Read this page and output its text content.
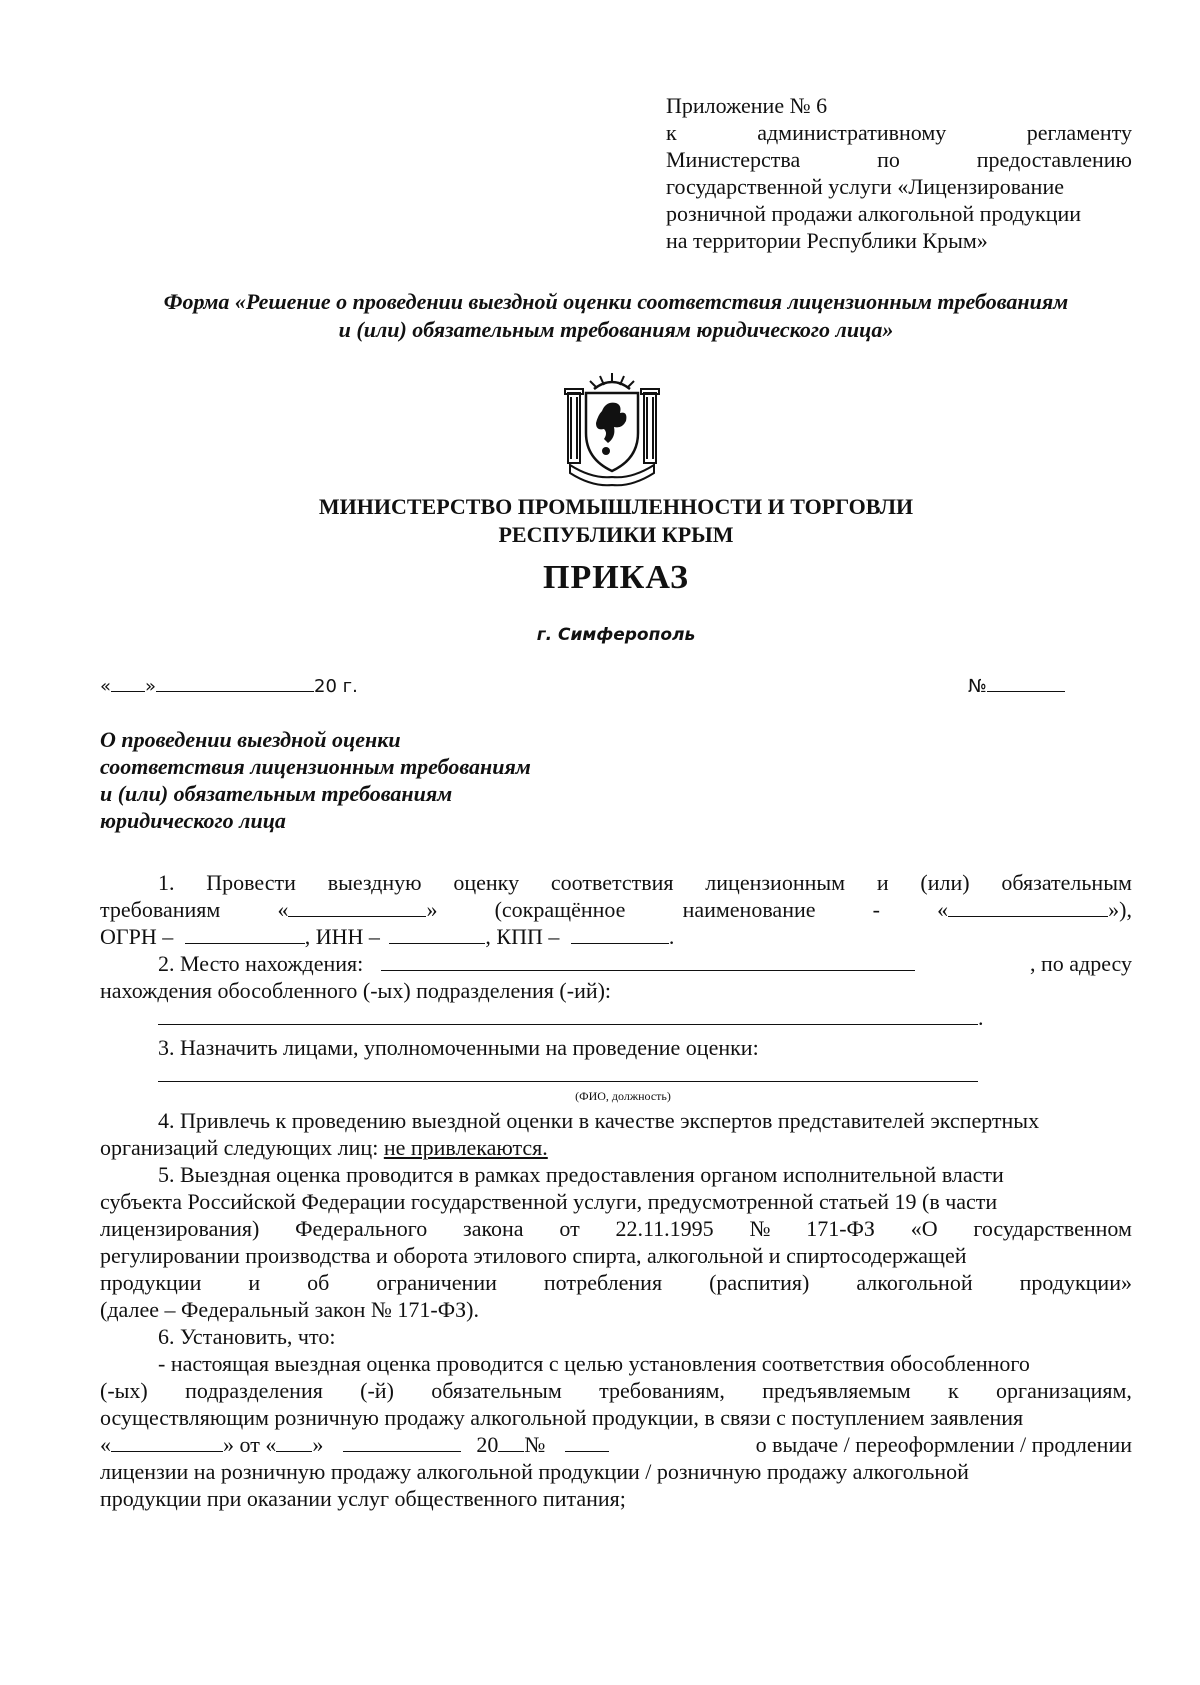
Приложение № 6
к	административному	регламенту
Министерства	по	предоставлению
государственной услуги «Лицензирование
розничной продажи алкогольной продукции
на территории Республики Крым»
Форма «Решение о проведении выездной оценки соответствия лицензионным требованиям
и (или) обязательным требованиям юридического лица»
МИНИСТЕРСТВО ПРОМЫШЛЕННОСТИ И ТОРГОВЛИ
РЕСПУБЛИКИ КРЫМ
ПРИКАЗ
г. Симферополь
« »	20 г.	№
О проведении выездной оценки
соответствия лицензионным требованиям
и (или) обязательным требованиям
юридического лица
1. Провести выездную оценку соответствия лицензионным и (или) обязательным
требованиям	«	»	(сокращённое	наименование	-	«	»),
ОГРН –	, ИНН –	, КПП –	.
2. Место нахождения:	, по адресу
нахождения обособленного (-ых) подразделения (-ий):
.
3. Назначить лицами, уполномоченными на проведение оценки:
(ФИО, должность)
4. Привлечь к проведению выездной оценки в качестве экспертов представителей экспертных
организаций следующих лиц: не привлекаются.
5. Выездная оценка проводится в рамках предоставления органом исполнительной власти
субъекта Российской Федерации государственной услуги, предусмотренной статьей 19 (в части
лицензирования) Федерального закона от 22.11.1995 № 171-ФЗ «О государственном
регулировании производства и оборота этилового спирта, алкогольной и спиртосодержащей
продукции и об ограничении потребления (распития) алкогольной продукции»
(далее – Федеральный закон № 171-ФЗ).
6. Установить, что:
- настоящая выездная оценка проводится с целью установления соответствия обособленного
(-ых) подразделения (-й) обязательным требованиям, предъявляемым к организациям,
осуществляющим розничную продажу алкогольной продукции, в связи с поступлением заявления
«	» от « »	20 №	о выдаче / переоформлении / продлении
лицензии на розничную продажу алкогольной продукции / розничную продажу алкогольной
продукции при оказании услуг общественного питания;
